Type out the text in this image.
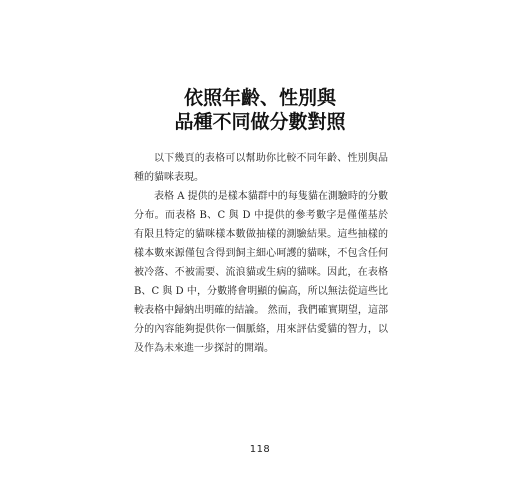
依照年齡、性別與
品種不同做分數對照

以下幾頁的表格可以幫助你比較不同年齡、性別與品種的貓咪表現。

表格 A 提供的是樣本貓群中的每隻貓在測驗時的分數分布。而表格 B、C 與 D 中提供的參考數字是僅僅基於有限且特定的貓咪樣本數做抽樣的測驗結果。這些抽樣的樣本數來源僅包含得到飼主細心呵護的貓咪，不包含任何被冷落、不被需要、流浪貓或生病的貓咪。因此，在表格 B、C 與 D 中，分數將會明顯的偏高，所以無法從這些比較表格中歸納出明確的結論。 然而，我們確實期望，這部分的內容能夠提供你一個脈絡，用來評估愛貓的智力，以及作為未來進一步探討的開端。

118
